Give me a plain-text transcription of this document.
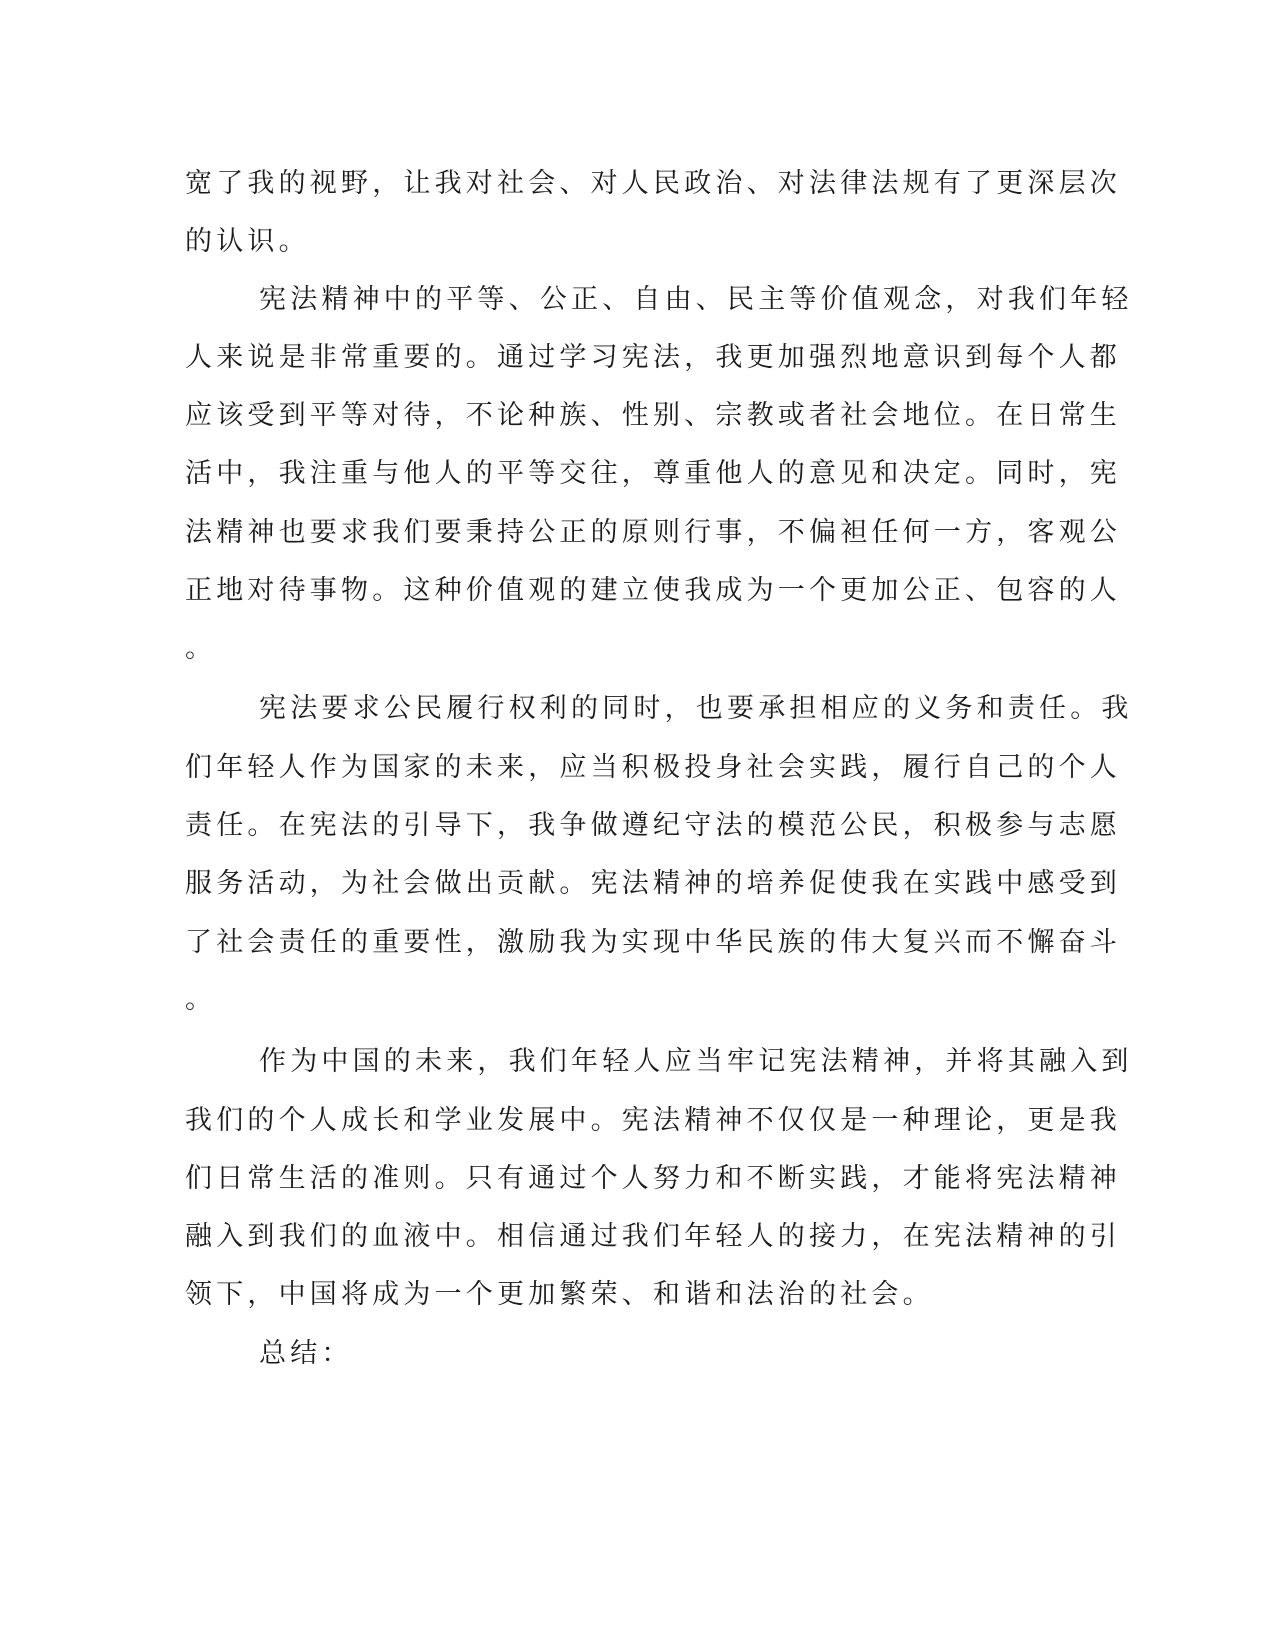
宽了我的视野，让我对社会、对人民政治、对法律法规有了更深层次
的认识。
宪法精神中的平等、公正、自由、民主等价值观念，对我们年轻
人来说是非常重要的。通过学习宪法，我更加强烈地意识到每个人都
应该受到平等对待，不论种族、性别、宗教或者社会地位。在日常生
活中，我注重与他人的平等交往，尊重他人的意见和决定。同时，宪
法精神也要求我们要秉持公正的原则行事，不偏袒任何一方，客观公
正地对待事物。这种价值观的建立使我成为一个更加公正、包容的人
。
宪法要求公民履行权利的同时，也要承担相应的义务和责任。我
们年轻人作为国家的未来，应当积极投身社会实践，履行自己的个人
责任。在宪法的引导下，我争做遵纪守法的模范公民，积极参与志愿
服务活动，为社会做出贡献。宪法精神的培养促使我在实践中感受到
了社会责任的重要性，激励我为实现中华民族的伟大复兴而不懈奋斗
。
作为中国的未来，我们年轻人应当牢记宪法精神，并将其融入到
我们的个人成长和学业发展中。宪法精神不仅仅是一种理论，更是我
们日常生活的准则。只有通过个人努力和不断实践，才能将宪法精神
融入到我们的血液中。相信通过我们年轻人的接力，在宪法精神的引
领下，中国将成为一个更加繁荣、和谐和法治的社会。
总结：
